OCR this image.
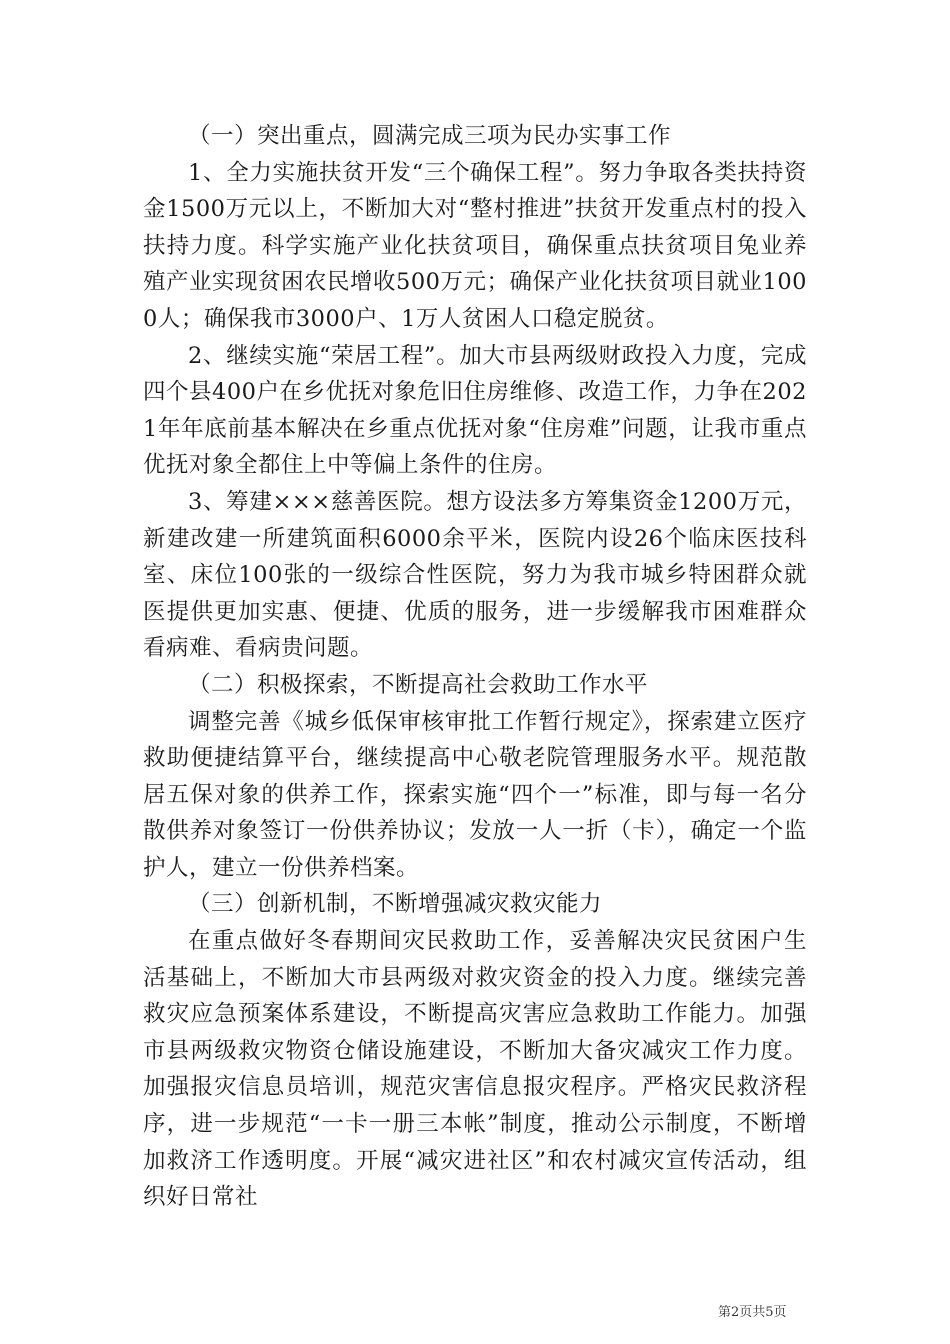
（一）突出重点，圆满完成三项为民办实事工作

1、全力实施扶贫开发“三个确保工程”。努力争取各类扶持资金1500万元以上，不断加大对“整村推进”扶贫开发重点村的投入扶持力度。科学实施产业化扶贫项目，确保重点扶贫项目兔业养殖产业实现贫困农民增收500万元；确保产业化扶贫项目就业1000人；确保我市3000户、1万人贫困人口稳定脱贫。

2、继续实施“荣居工程”。加大市县两级财政投入力度，完成四个县400户在乡优抚对象危旧住房维修、改造工作，力争在2021年年底前基本解决在乡重点优抚对象“住房难”问题，让我市重点优抚对象全都住上中等偏上条件的住房。

3、筹建×××慈善医院。想方设法多方筹集资金1200万元，新建改建一所建筑面积6000余平米，医院内设26个临床医技科室、床位100张的一级综合性医院，努力为我市城乡特困群众就医提供更加实惠、便捷、优质的服务，进一步缓解我市困难群众看病难、看病贵问题。

（二）积极探索，不断提高社会救助工作水平

调整完善《城乡低保审核审批工作暂行规定》，探索建立医疗救助便捷结算平台，继续提高中心敬老院管理服务水平。规范散居五保对象的供养工作，探索实施“四个一”标准，即与每一名分散供养对象签订一份供养协议；发放一人一折（卡），确定一个监护人，建立一份供养档案。

（三）创新机制，不断增强减灾救灾能力

在重点做好冬春期间灾民救助工作，妥善解决灾民贫困户生活基础上，不断加大市县两级对救灾资金的投入力度。继续完善救灾应急预案体系建设，不断提高灾害应急救助工作能力。加强市县两级救灾物资仓储设施建设，不断加大备灾减灾工作力度。加强报灾信息员培训，规范灾害信息报灾程序。严格灾民救济程序，进一步规范“一卡一册三本帐”制度，推动公示制度，不断增加救济工作透明度。开展“减灾进社区”和农村减灾宣传活动，组织好日常社

第2页共5页
